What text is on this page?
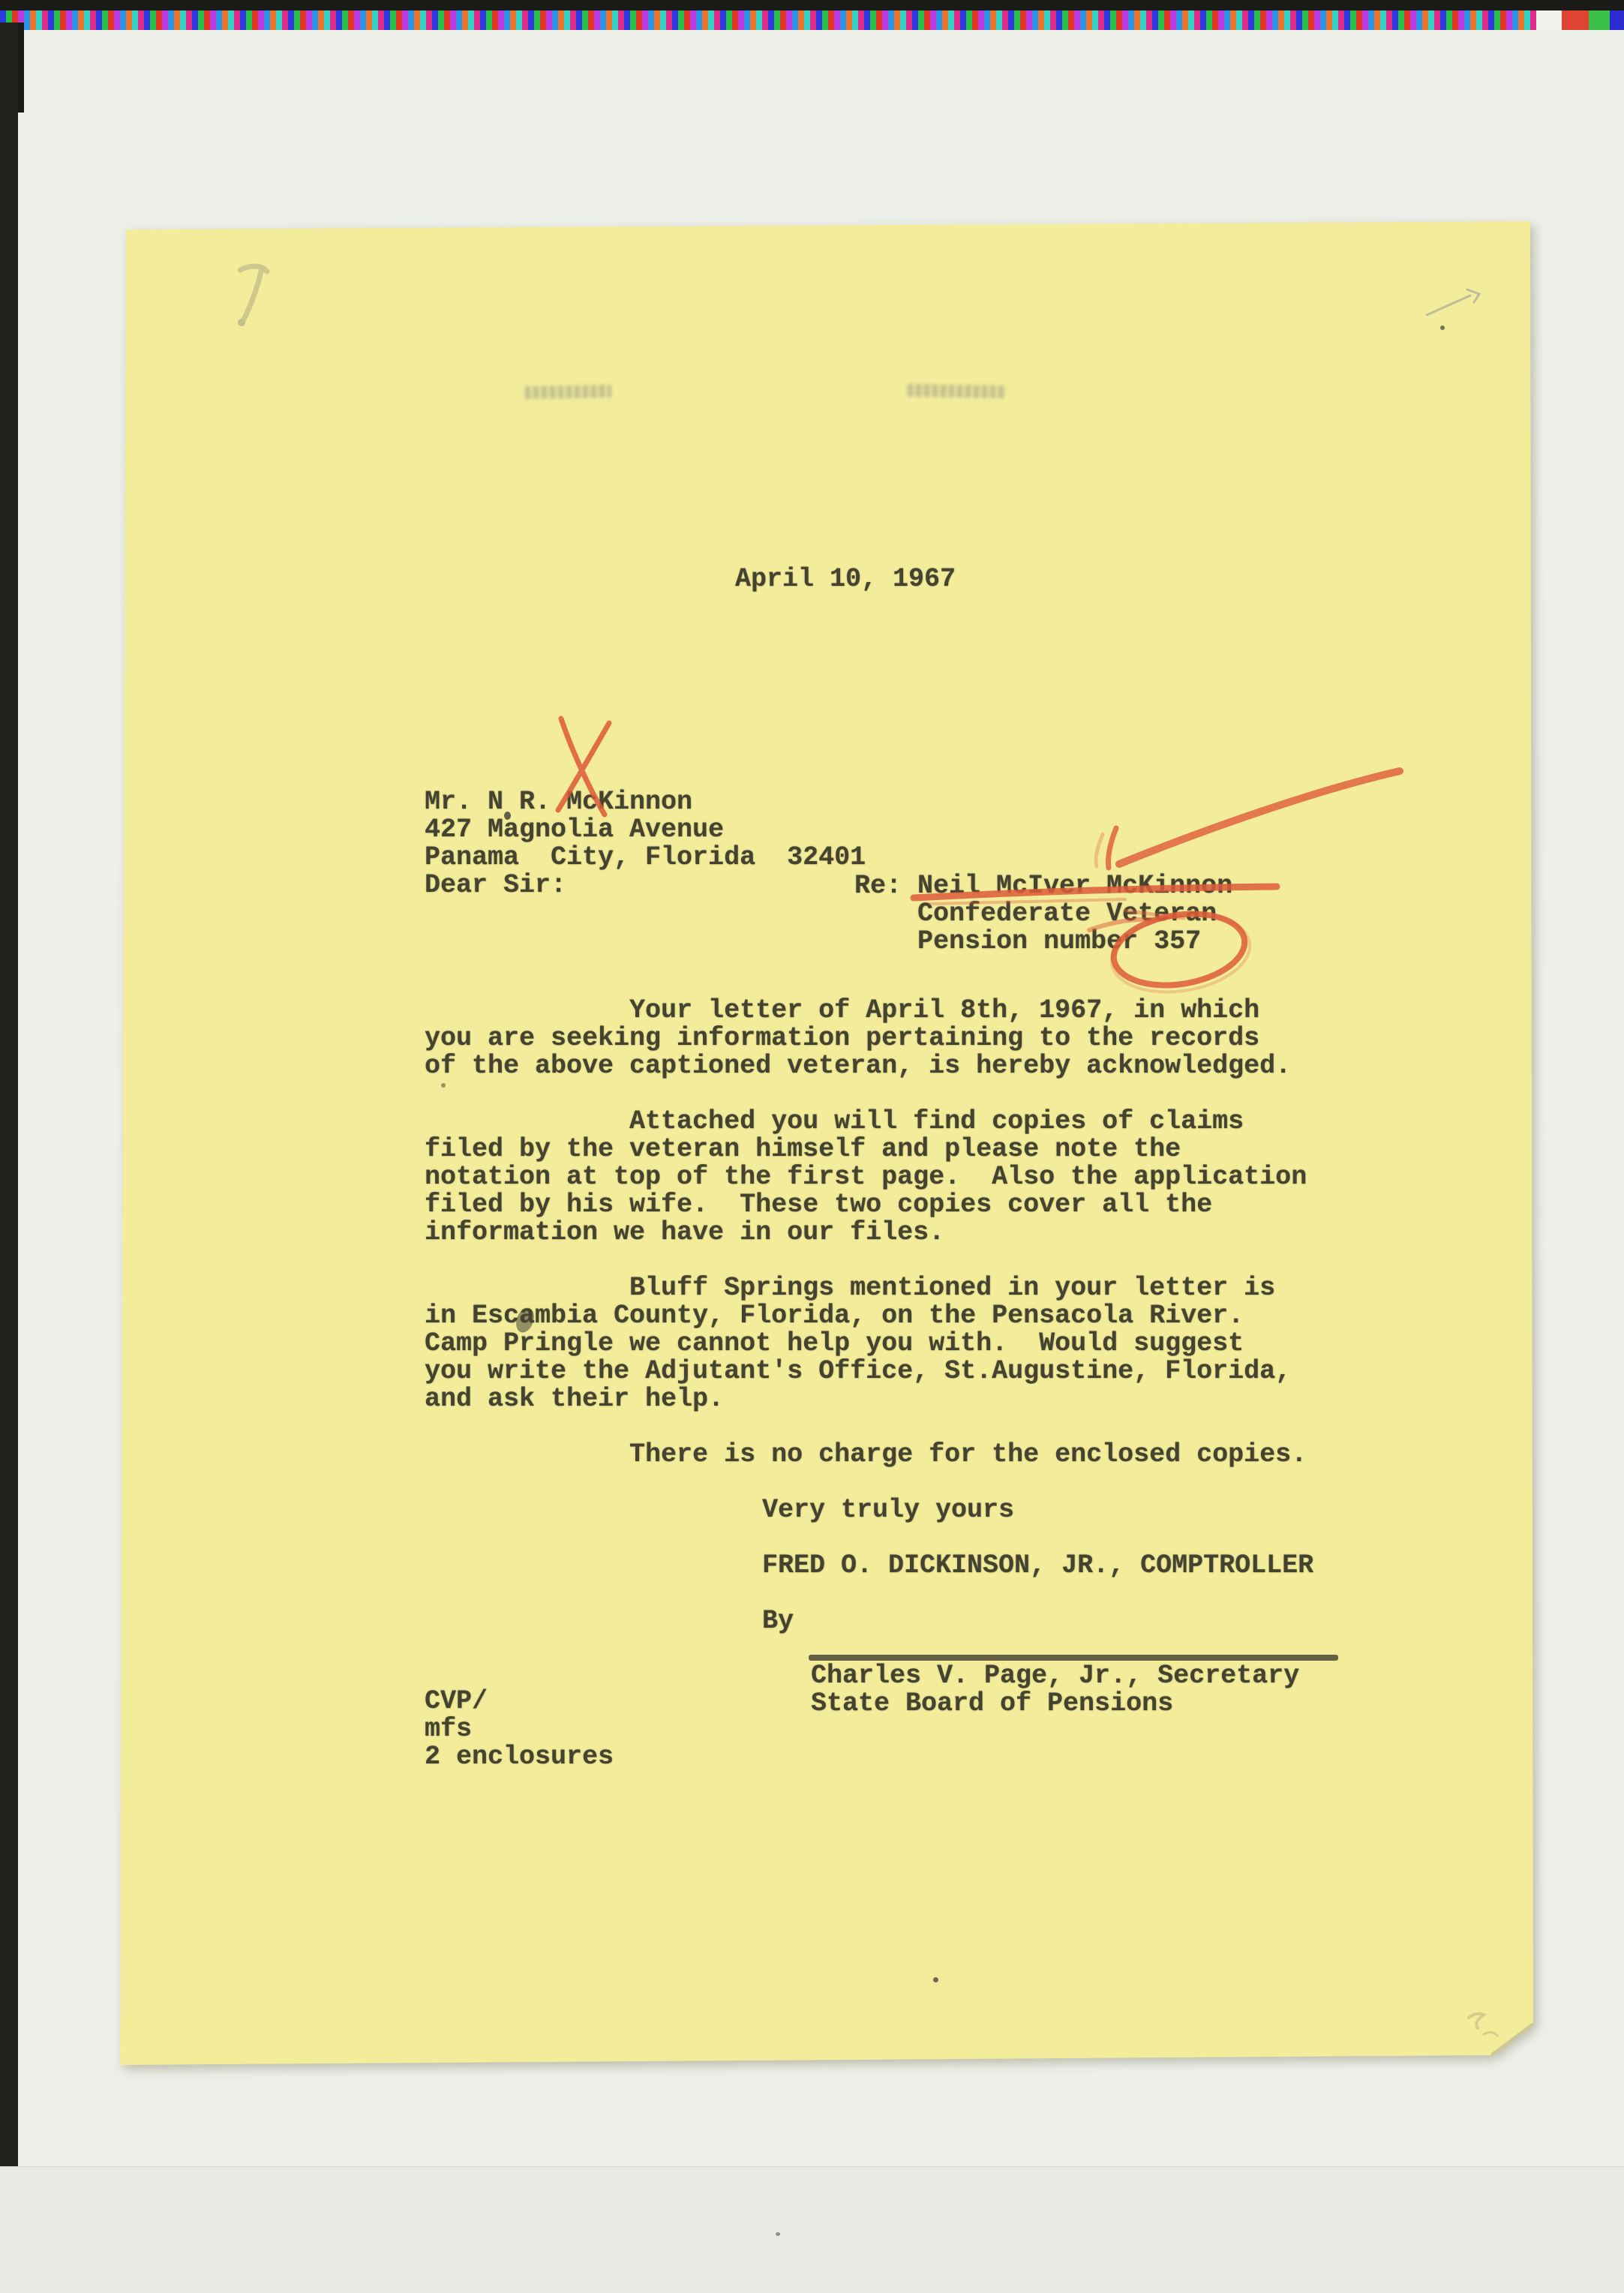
April 10, 1967
Mr. N R. McKinnon
427 Magnolia Avenue
Panama  City, Florida  32401
Dear Sir:	Re: Neil McIver McKinnon
Confederate Veteran
Pension number 357
Your letter of April 8th, 1967, in which
you are seeking information pertaining to the records
of the above captioned veteran, is hereby acknowledged.
Attached you will find copies of claims
filed by the veteran himself and please note the
notation at top of the first page.  Also the application
filed by his wife.  These two copies cover all the
information we have in our files.
Bluff Springs mentioned in your letter is
in Escambia County, Florida, on the Pensacola River.
Camp Pringle we cannot help you with.  Would suggest
you write the Adjutant's Office, St.Augustine, Florida,
and ask their help.
There is no charge for the enclosed copies.
Very truly yours
FRED O. DICKINSON, JR., COMPTROLLER
By
Charles V. Page, Jr., Secretary
State Board of Pensions
CVP/
mfs
2 enclosures
